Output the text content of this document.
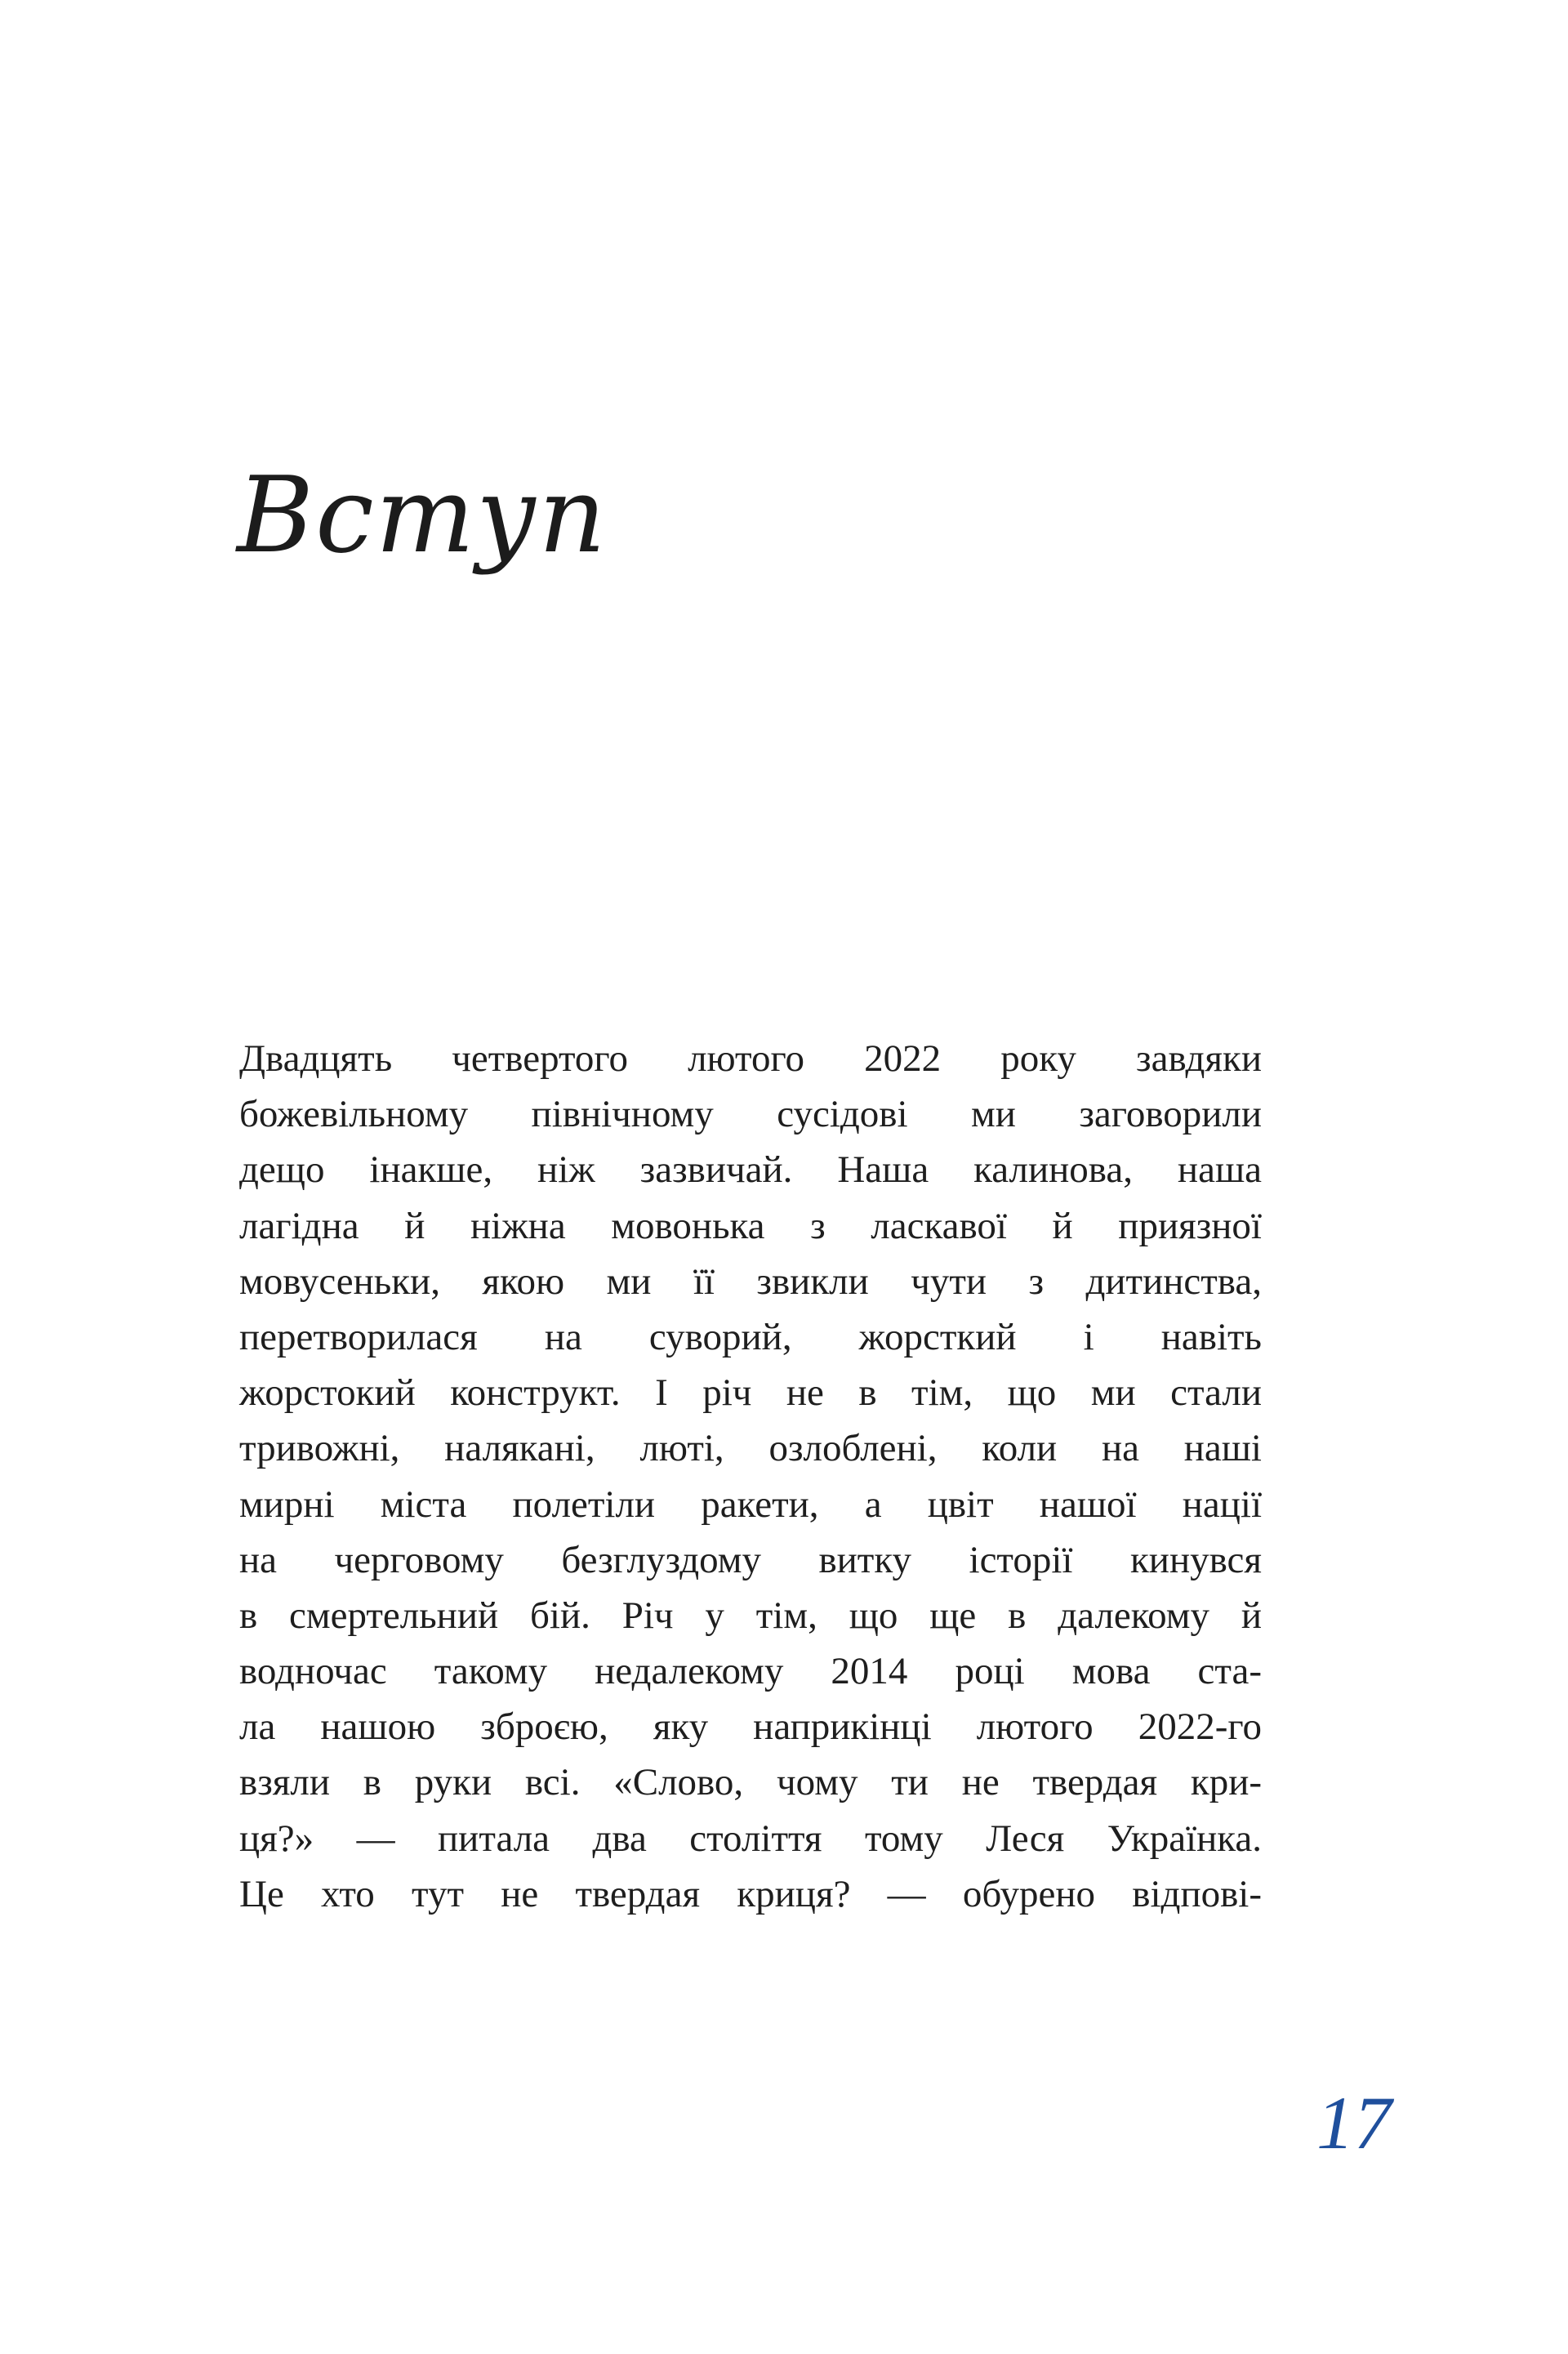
Вступ
Двадцять четвертого лютого 2022 року завдяки
божевільному північному сусідові ми заговорили
дещо інакше, ніж зазвичай. Наша калинова, наша
лагідна й ніжна мовонька з ласкавої й приязної
мовусеньки, якою ми її звикли чути з дитинства,
перетворилася на суворий, жорсткий і навіть
жорстокий конструкт. І річ не в тім, що ми стали
тривожні, налякані, люті, озлоблені, коли на наші
мирні міста полетіли ракети, а цвіт нашої нації
на черговому безглуздому витку історії кинувся
в смертельний бій. Річ у тім, що ще в далекому й
водночас такому недалекому 2014 році мова ста-
ла нашою зброєю, яку наприкінці лютого 2022-го
взяли в руки всі. «Слово, чому ти не твердая кри-
ця?» — питала два століття тому Леся Українка.
Це хто тут не твердая криця? — обурено відпові-
17
